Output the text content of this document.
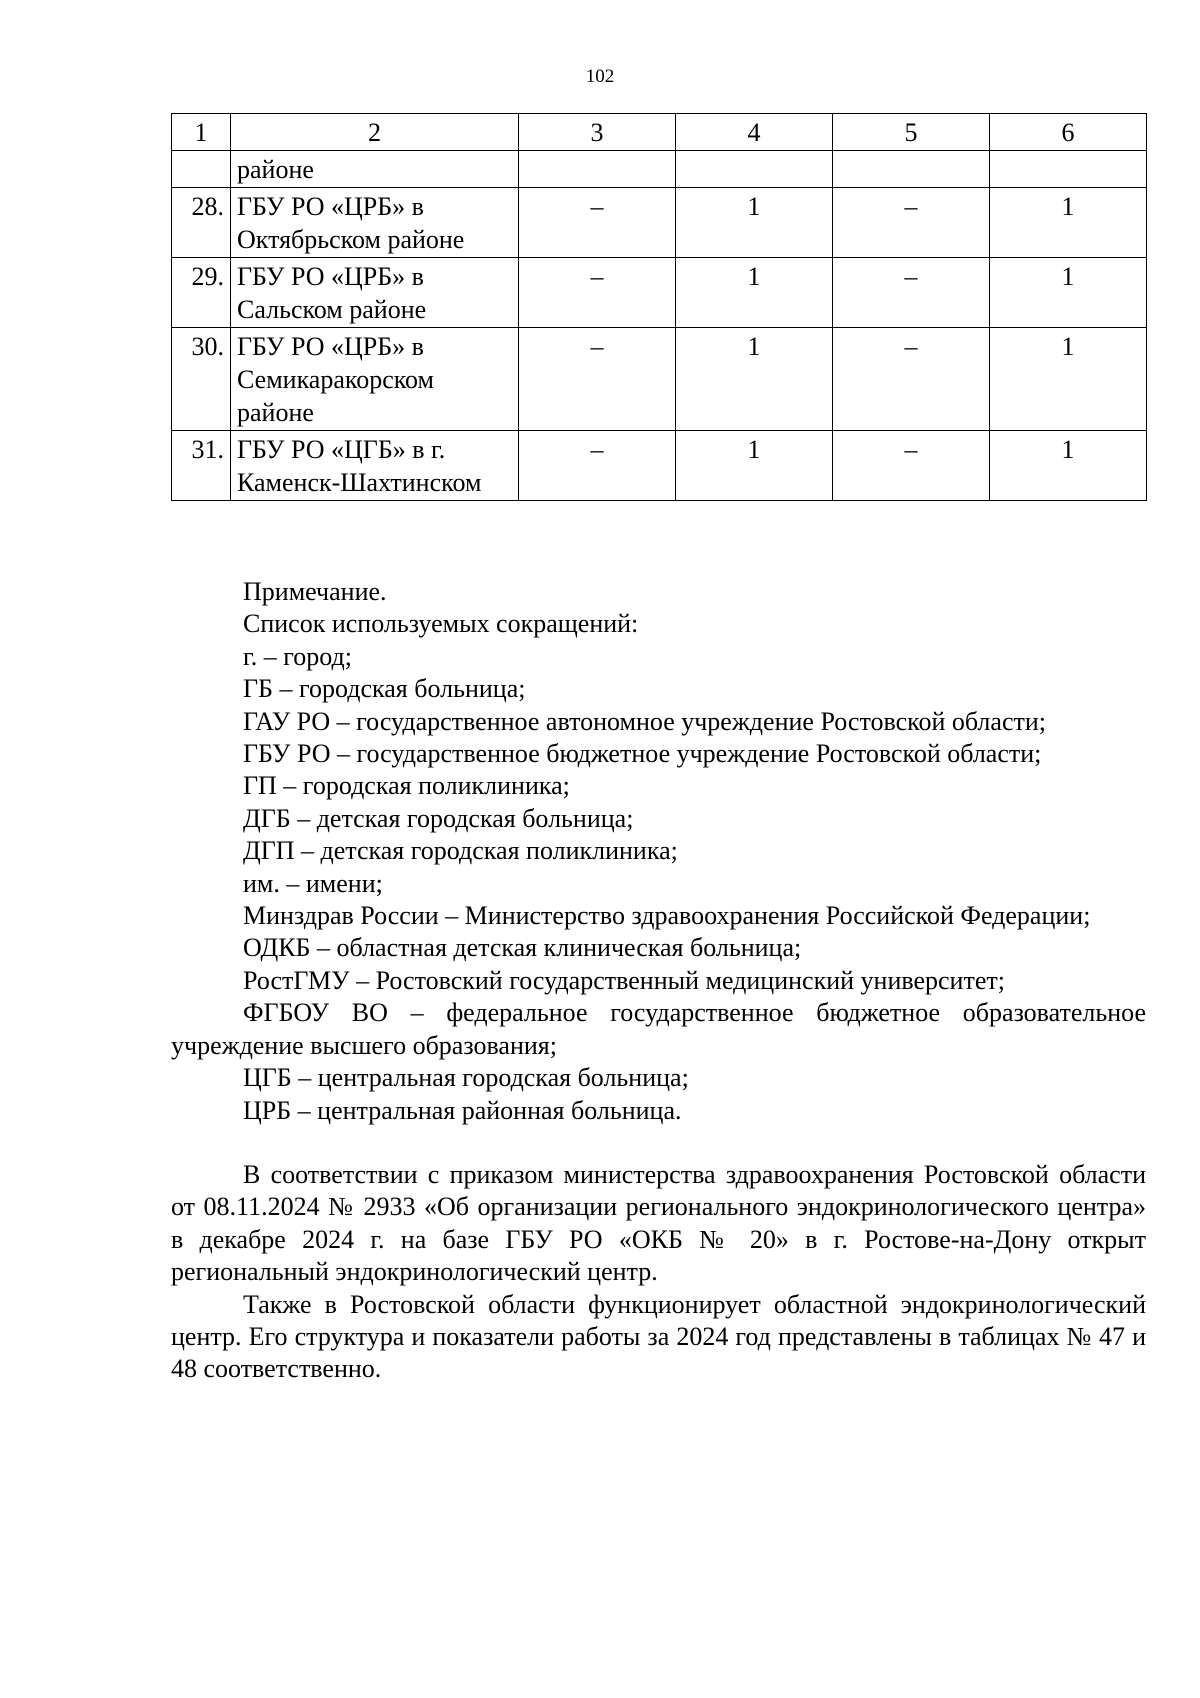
102
1	2	3	4	5	6
	районе				
28.	ГБУ РО «ЦРБ» в Октябрьском районе	–	1	–	1
29.	ГБУ РО «ЦРБ» в Сальском районе	–	1	–	1
30.	ГБУ РО «ЦРБ» в Семикаракорском районе	–	1	–	1
31.	ГБУ РО «ЦГБ» в г. Каменск-Шахтинском	–	1	–	1
Примечание.
Список используемых сокращений:
г. – город;
ГБ – городская больница;
ГАУ РО – государственное автономное учреждение Ростовской области;
ГБУ РО – государственное бюджетное учреждение Ростовской области;
ГП – городская поликлиника;
ДГБ – детская городская больница;
ДГП – детская городская поликлиника;
им. – имени;
Минздрав России – Министерство здравоохранения Российской Федерации;
ОДКБ – областная детская клиническая больница;
РостГМУ – Ростовский государственный медицинский университет;
ФГБОУ ВО – федеральное государственное бюджетное образовательное учреждение высшего образования;
ЦГБ – центральная городская больница;
ЦРБ – центральная районная больница.
В соответствии с приказом министерства здравоохранения Ростовской области от 08.11.2024 № 2933 «Об организации регионального эндокринологического центра» в декабре 2024 г. на базе ГБУ РО «ОКБ № 20» в г. Ростове-на-Дону открыт региональный эндокринологический центр.
Также в Ростовской области функционирует областной эндокринологический центр. Его структура и показатели работы за 2024 год представлены в таблицах № 47 и 48 соответственно.
